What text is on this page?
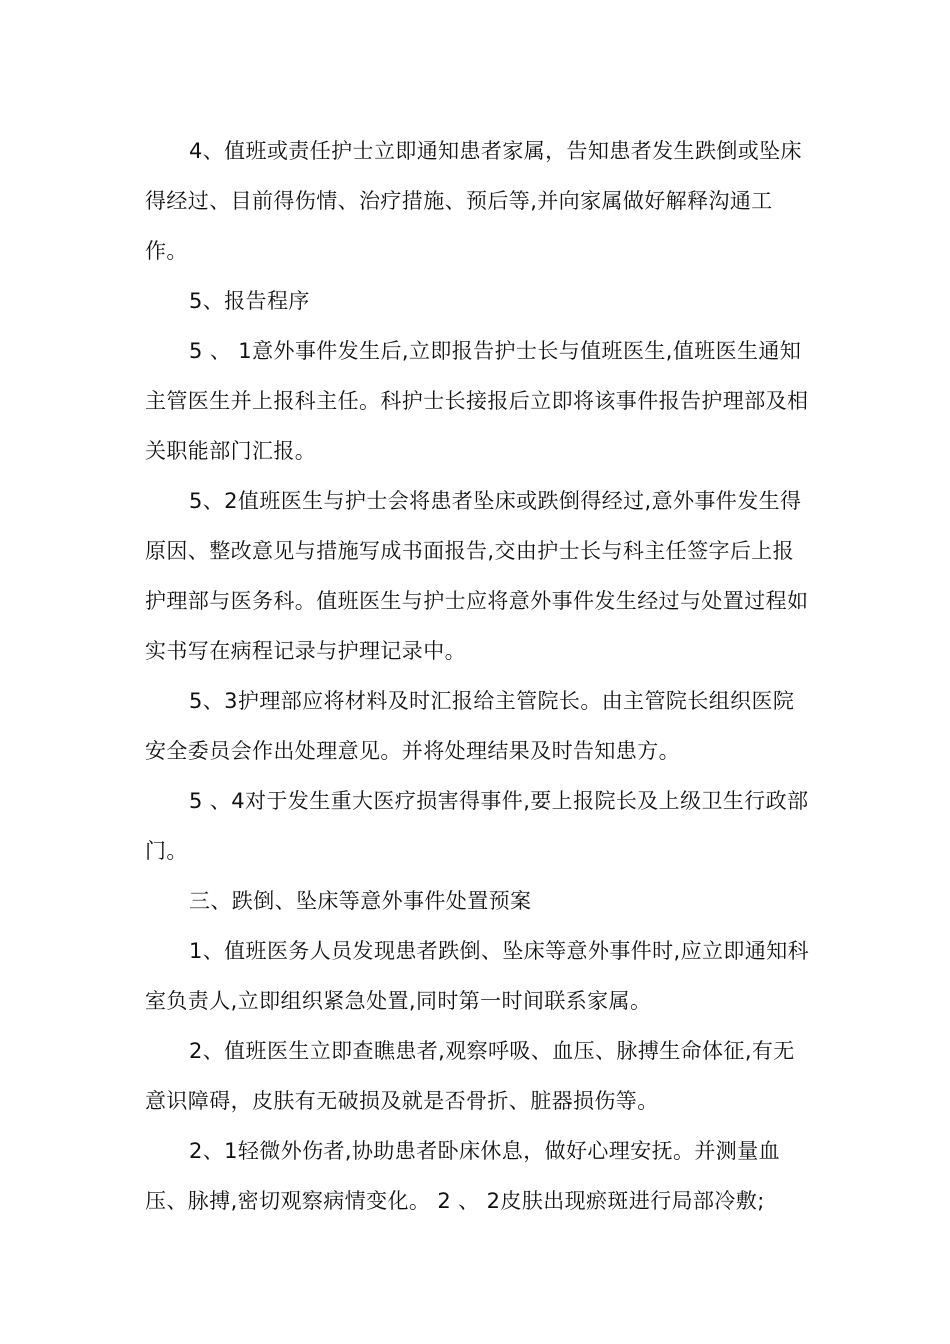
4、值班或责任护士立即通知患者家属，告知患者发生跌倒或坠床得经过、目前得伤情、治疗措施、预后等,并向家属做好解释沟通工作。

5、报告程序

5 、 1意外事件发生后,立即报告护士长与值班医生,值班医生通知主管医生并上报科主任。科护士长接报后立即将该事件报告护理部及相关职能部门汇报。

5、2值班医生与护士会将患者坠床或跌倒得经过,意外事件发生得原因、整改意见与措施写成书面报告,交由护士长与科主任签字后上报护理部与医务科。值班医生与护士应将意外事件发生经过与处置过程如实书写在病程记录与护理记录中。

5、3护理部应将材料及时汇报给主管院长。由主管院长组织医院安全委员会作出处理意见。并将处理结果及时告知患方。

5 、4对于发生重大医疗损害得事件,要上报院长及上级卫生行政部门。

三、跌倒、坠床等意外事件处置预案

1、值班医务人员发现患者跌倒、坠床等意外事件时,应立即通知科室负责人,立即组织紧急处置,同时第一时间联系家属。

2、值班医生立即查瞧患者,观察呼吸、血压、脉搏生命体征,有无意识障碍，皮肤有无破损及就是否骨折、脏器损伤等。

2、1轻微外伤者,协助患者卧床休息，做好心理安抚。并测量血压、脉搏,密切观察病情变化。 2 、 2皮肤出现瘀斑进行局部冷敷;
